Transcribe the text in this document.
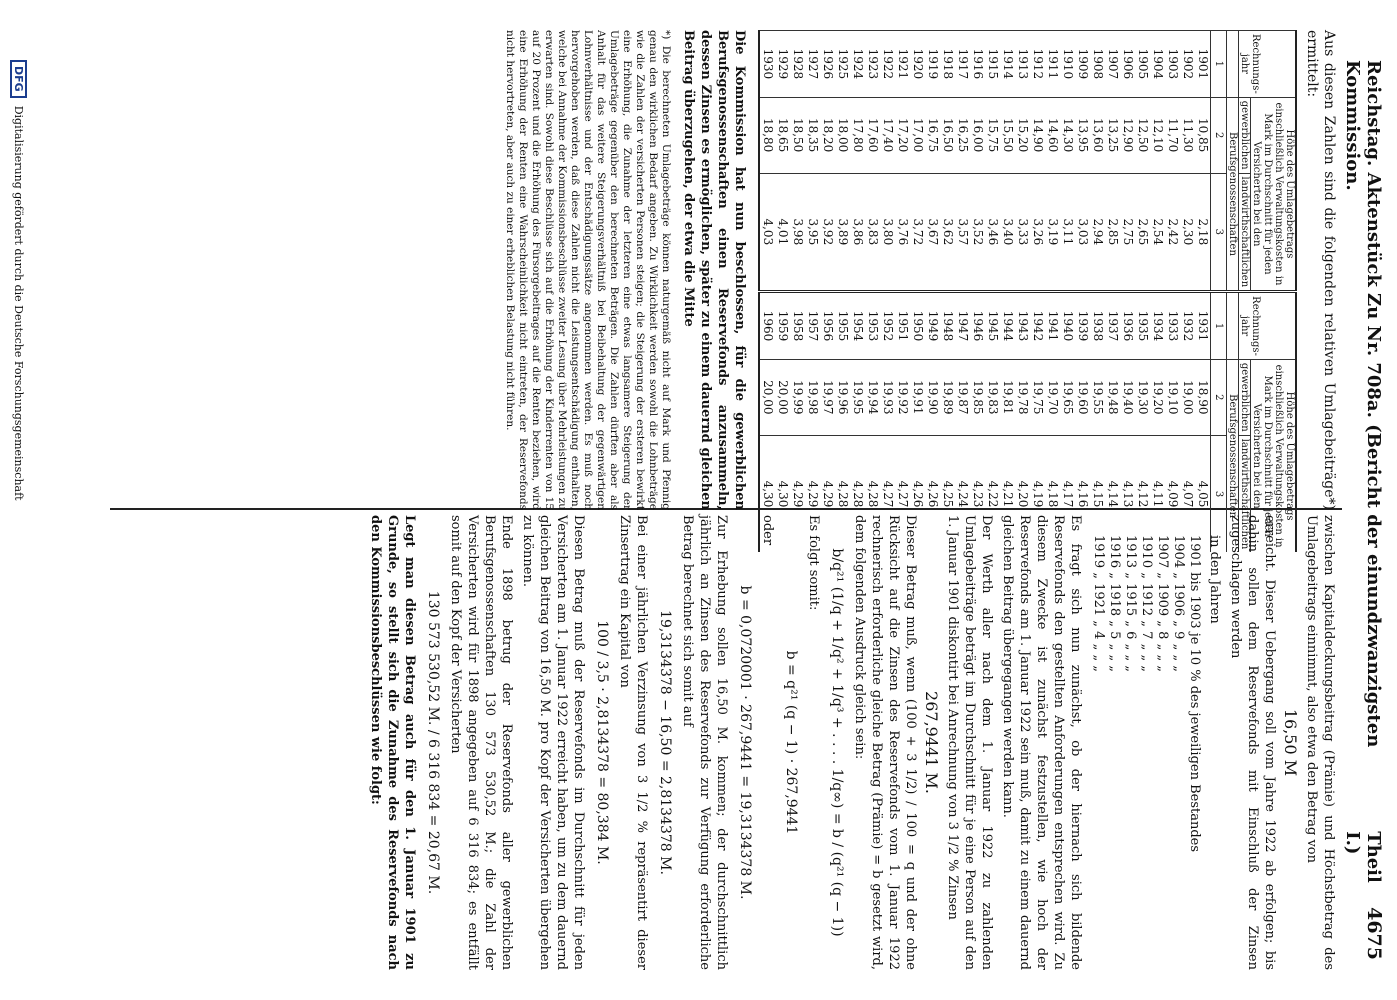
Reichstag. Aktenstück Zu Nr. 708a. (Bericht der einundzwanzigsten Kommission.
Theil I.)
4675

Aus diesen Zahlen sind die folgenden relativen Umlagebeiträge*) ermittelt:

Rechnungs-jahr	Höhe des Umlagebetrags einschließlich Verwaltungskosten in Mark im Durchschnitt für jeden Versicherten bei den		Rechnungs-jahr	Höhe des Umlagebetrags einschließlich Verwaltungskosten in Mark im Durchschnitt für jeden Versicherten bei den	
	gewerblichen	landwirthschaftlichen		gewerblichen	landwirthschaftlichen
	Berufsgenossenschaften			Berufsgenossenschaften	
1	2	3	1	2	3
1901	10,85	2,18	1931	18,90	4,05
1902	11,30	2,30	1932	19,00	4,07
1903	11,70	2,42	1933	19,10	4,09
1904	12,10	2,54	1934	19,20	4,11
1905	12,50	2,65	1935	19,30	4,12
1906	12,90	2,75	1936	19,40	4,13
1907	13,25	2,85	1937	19,48	4,14
1908	13,60	2,94	1938	19,55	4,15
1909	13,95	3,03	1939	19,60	4,16
1910	14,30	3,11	1940	19,65	4,17
1911	14,60	3,19	1941	19,70	4,18
1912	14,90	3,26	1942	19,75	4,19
1913	15,20	3,33	1943	19,78	4,20
1914	15,50	3,40	1944	19,81	4,21
1915	15,75	3,46	1945	19,83	4,22
1916	16,00	3,52	1946	19,85	4,23
1917	16,25	3,57	1947	19,87	4,24
1918	16,50	3,62	1948	19,89	4,25
1919	16,75	3,67	1949	19,90	4,26
1920	17,00	3,72	1950	19,91	4,26
1921	17,20	3,76	1951	19,92	4,27
1922	17,40	3,80	1952	19,93	4,27
1923	17,60	3,83	1953	19,94	4,28
1924	17,80	3,86	1954	19,95	4,28
1925	18,00	3,89	1955	19,96	4,28
1926	18,20	3,92	1956	19,97	4,29
1927	18,35	3,95	1957	19,98	4,29
1928	18,50	3,98	1958	19,99	4,29
1929	18,65	4,01	1959	20,00	4,30
1930	18,80	4,03	1960	20,00	4,30

Die Kommission hat nun beschlossen, für die gewerblichen Berufsgenossenschaften einen Reservefonds anzusammeln, dessen Zinsen es ermöglichen, später zu einem dauernd gleichen Beitrag überzugehen, der etwa die Mitte

*) Die berechneten Umlagebeträge können naturgemäß nicht auf Mark und Pfennig genau den wirklichen Bedarf angeben. Zu Wirklichkeit werden sowohl die Lohnbeträge wie die Zahlen der versicherten Personen steigen; die Steigerung der ersteren bewirkt eine Erhöhung, die Zunahme der letzteren eine etwas langsamere Steigerung der Umlagebeträge gegenüber den berechneten Beträgen. Die Zahlen dürften aber als Anhalt für das weitere Steigerungsverhältniß bei Beibehaltung der gegenwärtigen Lohnverhältnisse und der Entschädigungssätze angenommen werden. Es muß noch hervorgehoben werden, daß diese Zahlen nicht die Leistungsentschädigung enthalten, welche bei Annahme der Kommissionsbeschlüsse zweiter Lesung über Mehrleistungen zu erwarten sind. Sowohl diese Beschlüsse sich auf die Erhöhung der Kinderrenten von 15 auf 20 Prozent und die Erhöhung des Fürsorgebeitrages auf die Renten beziehen, wird eine Erhöhung der Renten eine Wahrscheinlichkeit nicht eintreten, der Reservefonds nicht hervortreten, aber auch zu einer erheblichen Belastung nicht führen.

zwischen Kapitaldeckungsbeitrag (Prämie) und Höchstbetrag des Umlagebeitrags einnimmt, also etwa den Betrag von

16,50 M

erreicht. Dieser Uebergang soll vom Jahre 1922 ab erfolgen; bis dahin sollen dem Reservefonds mit Einschluß der Zinsen zugeschlagen werden

in den Jahren

1901 bis 1903 je 10 % des jeweiligen Bestandes
1904 „ 1906 „ 9 „ „ „
1907 „ 1909 „ 8 „ „ „
1910 „ 1912 „ 7 „ „ „
1913 „ 1915 „ 6 „ „ „
1916 „ 1918 „ 5 „ „ „
1919 „ 1921 „ 4 „ „ „

Es fragt sich nun zunächst, ob der hiernach sich bildende Reservefonds den gestellten Anforderungen entsprechen wird. Zu diesem Zwecke ist zunächst festzustellen, wie hoch der Reservefonds am 1. Januar 1922 sein muß, damit zu einem dauernd gleichen Beitrag übergegangen werden kann.

Der Werth aller nach dem 1. Januar 1922 zu zahlenden Umlagebeiträge beträgt im Durchschnitt für je eine Person auf den 1. Januar 1901 diskontirt bei Anrechnung von 3 1/2 % Zinsen

267,9441 M.

Dieser Betrag muß, wenn (100 + 3 1/2) / 100 = q und der ohne Rücksicht auf die Zinsen des Reservefonds vom 1. Januar 1922 rechnerisch erforderliche gleiche Betrag (Prämie) = b gesetzt wird, dem folgenden Ausdruck gleich sein:

b/q²¹ (1/q + 1/q² + 1/q³ + . . . . 1/q∞) = b / (q²¹ (q − 1))

Es folgt somit:

b = q²¹ (q − 1) · 267,9441

oder

b = 0,0720001 · 267,9441 = 19,3134378 M.

Zur Erhebung sollen 16,50 M. kommen; der durchschnittlich jährlich an Zinsen des Reservefonds zur Verfügung erforderliche Betrag berechnet sich somit auf

19,3134378 − 16,50 = 2,8134378 M.

Bei einer jährlichen Verzinsung von 3 1/2 % repräsentirt dieser Zinsertrag ein Kapital von

100 / 3,5 · 2,8134378 = 80,384 M.

Diesen Betrag muß der Reservefonds im Durchschnitt für jeden Versicherten am 1. Januar 1922 erreicht haben, um zu dem dauernd gleichen Beitrag von 16,50 M. pro Kopf der Versicherten übergehen zu können.

Ende 1898 betrug der Reservefonds aller gewerblichen Berufsgenossenschaften 130 573 530,52 M.; die Zahl der Versicherten wird für 1898 angegeben auf 6 316 834; es entfällt somit auf den Kopf der Versicherten

130 573 530,52 M. / 6 316 834 = 20,67 M.

Legt man diesen Betrag auch für den 1. Januar 1901 zu Grunde, so stellt sich die Zunahme des Reservefonds nach den Kommissionsbeschlüssen wie folgt:

DFG
Digitalisierung gefördert durch die Deutsche Forschungsgemeinschaft
